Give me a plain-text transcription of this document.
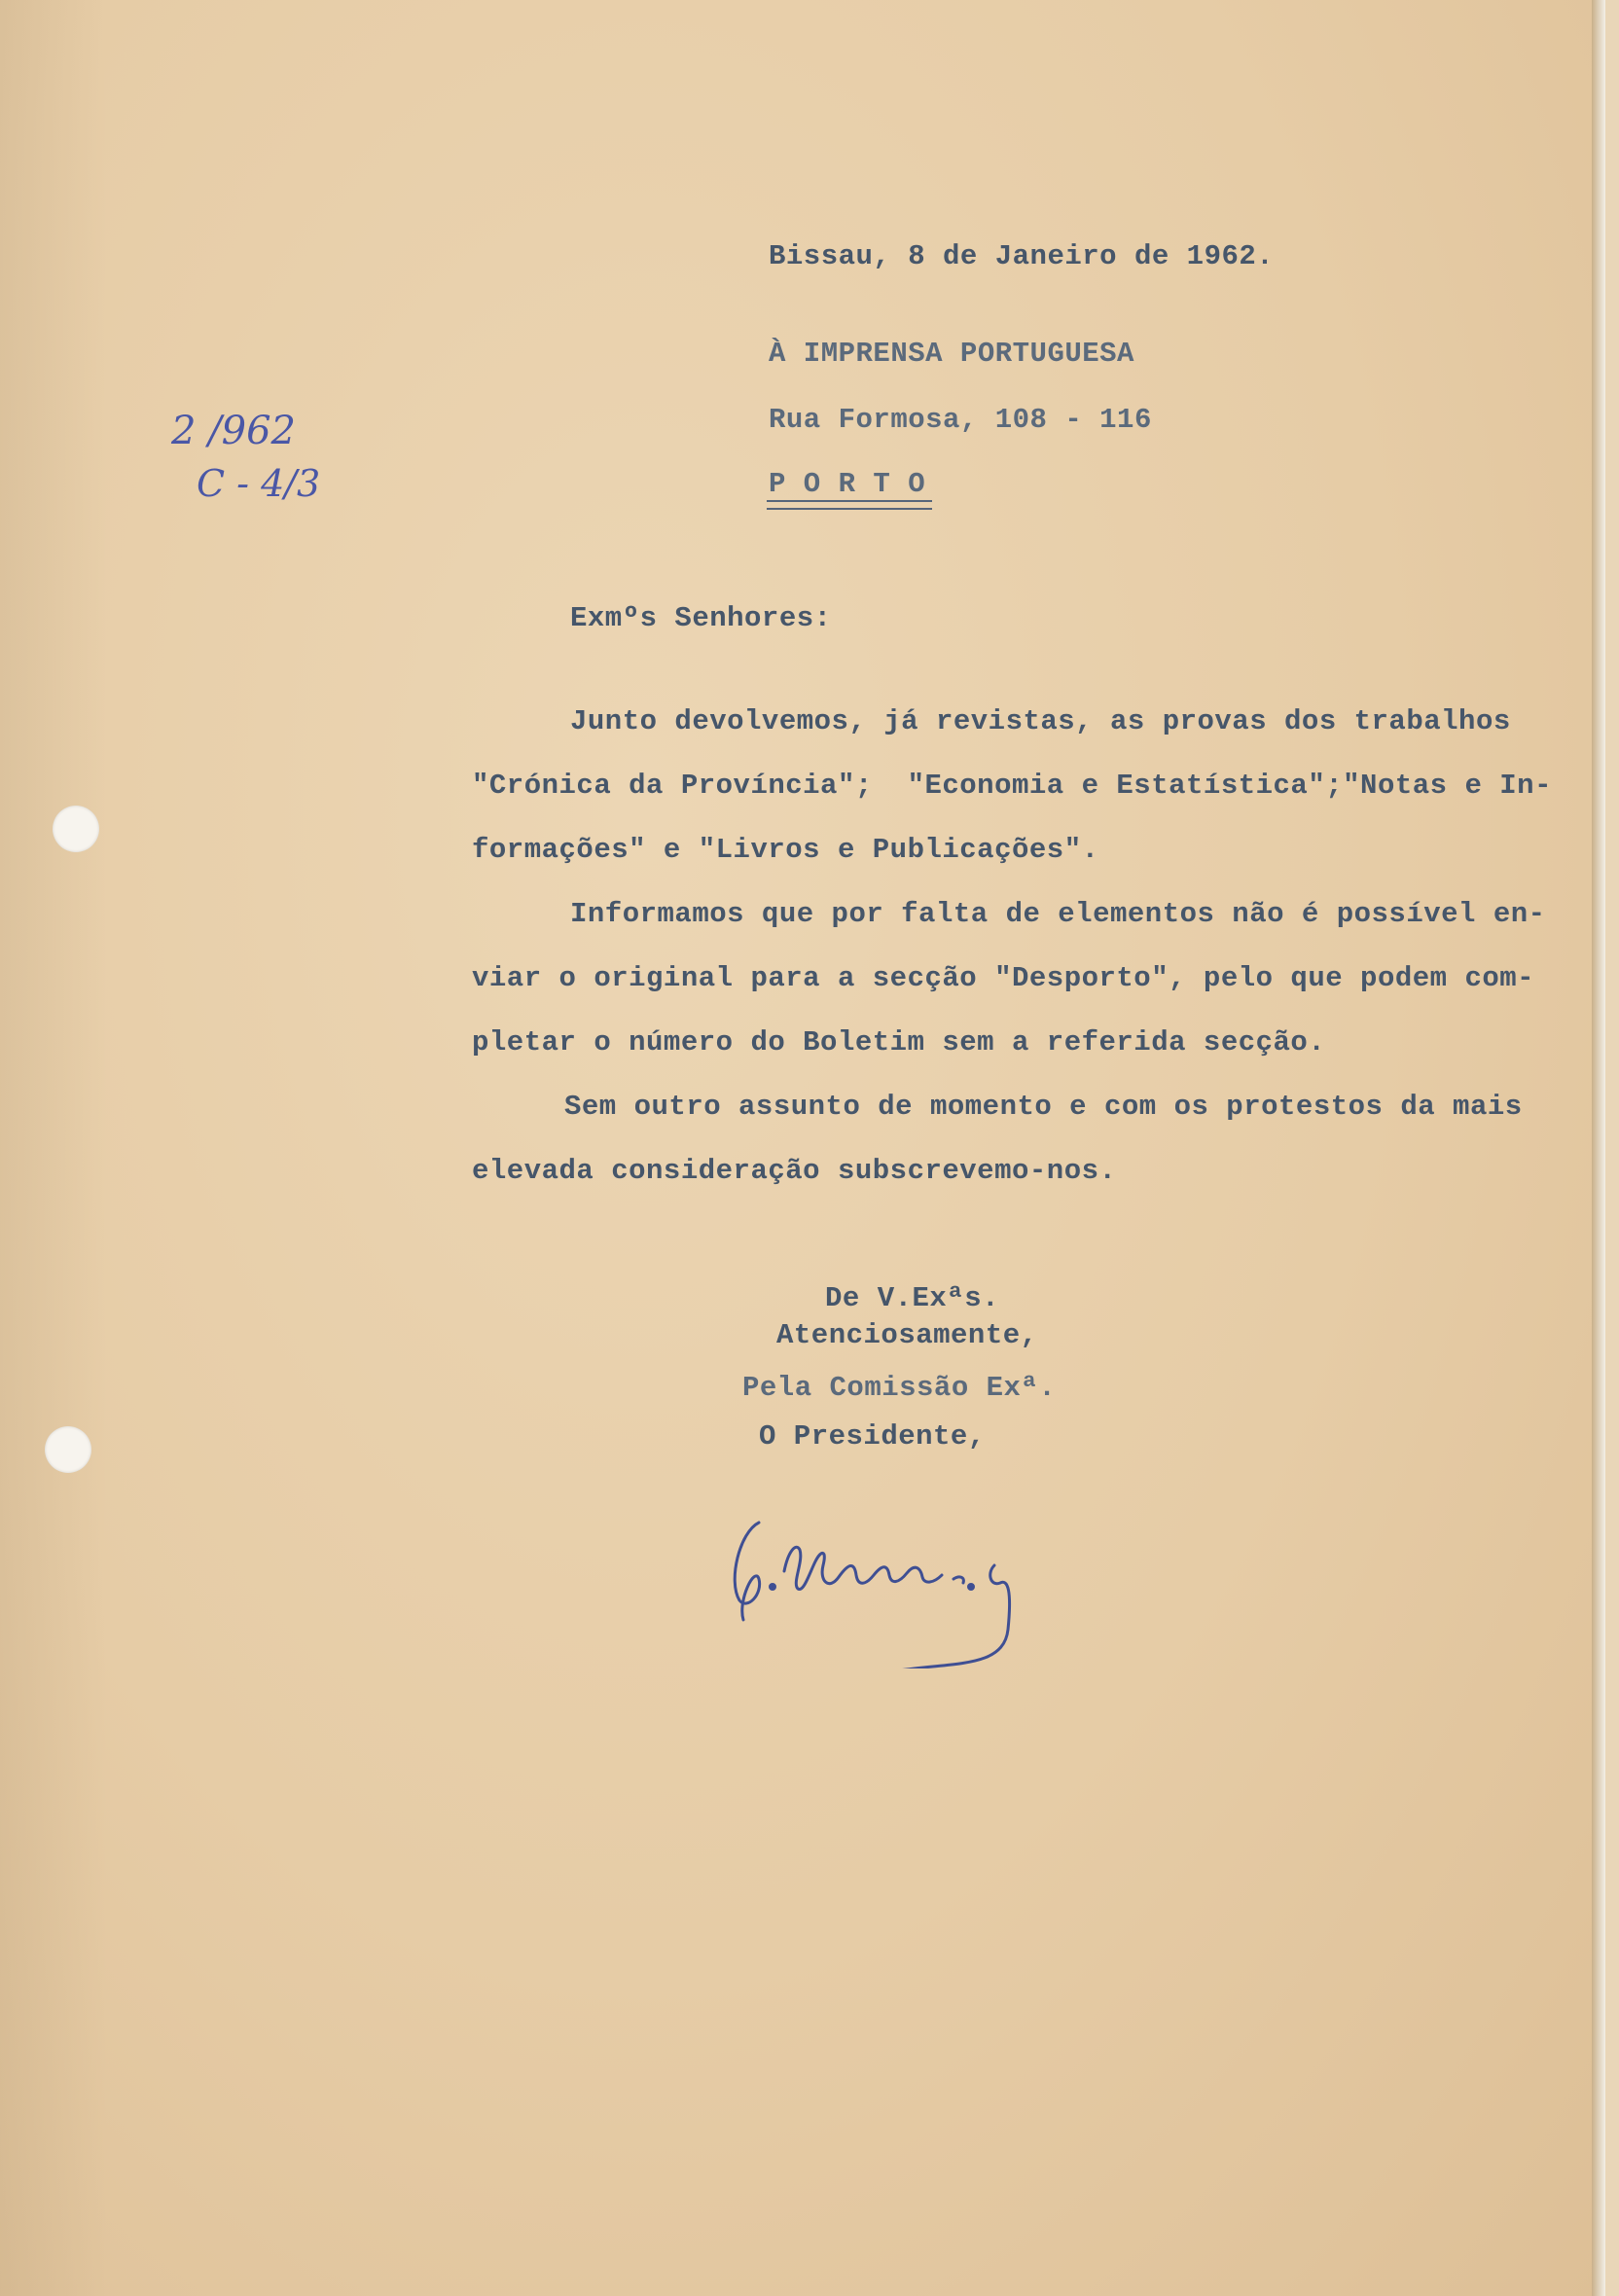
2 /962
C - 4/3
Bissau, 8 de Janeiro de 1962.
À IMPRENSA PORTUGUESA
Rua Formosa, 108 - 116
P O R T O
Exmºs Senhores:
Junto devolvemos, já revistas, as provas dos trabalhos
"Crónica da Província";  "Economia e Estatística";"Notas e In-
formações" e "Livros e Publicações".
Informamos que por falta de elementos não é possível en-
viar o original para a secção "Desporto", pelo que podem com-
pletar o número do Boletim sem a referida secção.
Sem outro assunto de momento e com os protestos da mais
elevada consideração subscrevemo-nos.
De V.Exªs.
Atenciosamente,
Pela Comissão Exª.
O Presidente,
